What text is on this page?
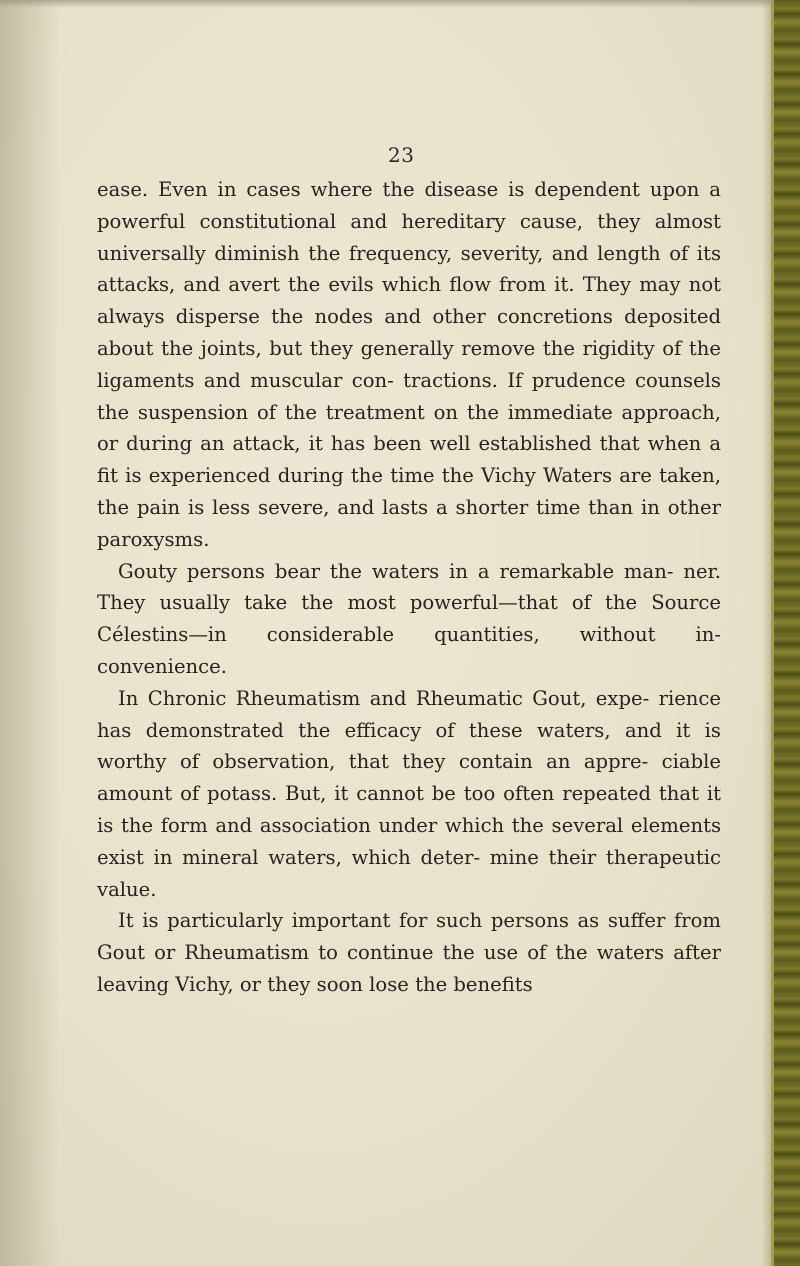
23

ease. Even in cases where the disease is dependent upon a powerful constitutional and hereditary cause, they almost universally diminish the frequency, severity, and length of its attacks, and avert the evils which flow from it. They may not always disperse the nodes and other concretions deposited about the joints, but they generally remove the rigidity of the ligaments and muscular con- tractions. If prudence counsels the suspension of the treatment on the immediate approach, or during an attack, it has been well established that when a fit is experienced during the time the Vichy Waters are taken, the pain is less severe, and lasts a shorter time than in other paroxysms.

Gouty persons bear the waters in a remarkable man- ner. They usually take the most powerful—that of the Source Célestins—in considerable quantities, without in- convenience.

In Chronic Rheumatism and Rheumatic Gout, expe- rience has demonstrated the efficacy of these waters, and it is worthy of observation, that they contain an appre- ciable amount of potass. But, it cannot be too often repeated that it is the form and association under which the several elements exist in mineral waters, which deter- mine their therapeutic value.

It is particularly important for such persons as suffer from Gout or Rheumatism to continue the use of the waters after leaving Vichy, or they soon lose the benefits
